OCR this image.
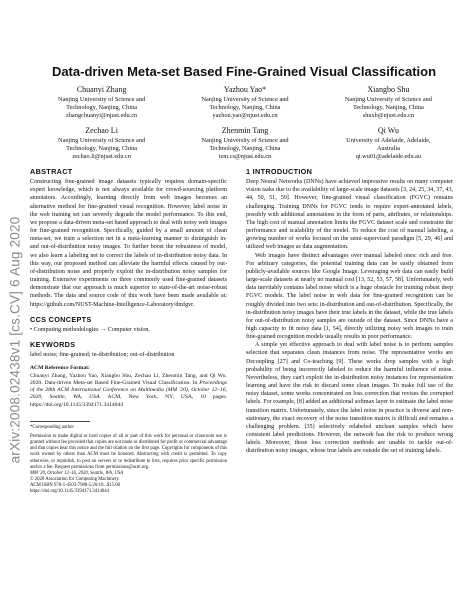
arXiv:2008.02438v1 [cs.CV] 6 Aug 2020
Data-driven Meta-set Based Fine-Grained Visual Classification
Chuanyi Zhang
Nanjing University of Science and
Technology, Nanjing, China
zhangchuanyi@njust.edu.cn
Yazhou Yao*
Nanjing University of Science and
Technology, Nanjing, China
yazhou.yao@njust.edu.cn
Xiangbo Shu
Nanjing University of Science and
Technology, Nanjing, China
shuxb@njust.edu.cn
Zechao Li
Nanjing University of Science and
Technology, Nanjing, China
zechao.li@njust.edu.cn
Zhenmin Tang
Nanjing University of Science and
Technology, Nanjing, China
tzm.cs@njust.edu.cn
Qi Wu
University of Adelaide, Adelaide,
Australia
qi.wu01@adelaide.edu.au
ABSTRACT

Constructing fine-grained image datasets typically requires domain-specific expert knowledge, which is not always available for crowd-sourcing platform annotators. Accordingly, learning directly from web images becomes an alternative method for fine-grained visual recognition. However, label noise in the web training set can severely degrade the model performance. To this end, we propose a data-driven meta-set based approach to deal with noisy web images for fine-grained recognition. Specifically, guided by a small amount of clean meta-set, we train a selection net in a meta-learning manner to distinguish in- and out-of-distribution noisy images. To further boost the robustness of model, we also learn a labeling net to correct the labels of in-distribution noisy data. In this way, our proposed method can alleviate the harmful effects caused by out-of-distribution noise and properly exploit the in-distribution noisy samples for training. Extensive experiments on three commonly used fine-grained datasets demonstrate that our approach is much superior to state-of-the-art noise-robust methods. The data and source code of this work have been made available at: https://github.com/NUST-Machine-Intelligence-Laboratory/dmfgvr.

CCS CONCEPTS

• Computing methodologies → Computer vision.

KEYWORDS

label noise; fine-grained; in-distribution; out-of-distribution

ACM Reference Format:
Chuanyi Zhang, Yazhou Yao, Xiangbo Shu, Zechao Li, Zhenmin Tang, and Qi Wu. 2020. Data-driven Meta-set Based Fine-Grained Visual Classification. In Proceedings of the 28th ACM International Conference on Multimedia (MM '20), October 12–16, 2020, Seattle, WA, USA. ACM, New York, NY, USA, 10 pages. https://doi.org/10.1145/3394171.3414044
*Corresponding author
Permission to make digital or hard copies of all or part of this work for personal or classroom use is granted without fee provided that copies are not made or distributed for profit or commercial advantage and that copies bear this notice and the full citation on the first page. Copyrights for components of this work owned by others than ACM must be honored. Abstracting with credit is permitted. To copy otherwise, or republish, to post on servers or to redistribute to lists, requires prior specific permission and/or a fee. Request permissions from permissions@acm.org.
MM '20, October 12–16, 2020, Seattle, WA, USA
© 2020 Association for Computing Machinery.
ACM ISBN 978-1-4503-7988-5/20/10...$15.00
https://doi.org/10.1145/3394171.3414044
1 INTRODUCTION

Deep Neural Networks (DNNs) have achieved impressive results on many computer vision tasks due to the availability of large-scale image datasets [3, 24, 25, 34, 37, 43, 44, 50, 51, 59]. However, fine-grained visual classification (FGVC) remains challenging. Training DNNs for FGVC tends to require expert-annotated labels, possibly with additional annotations in the form of parts, attributes, or relationships. The high cost of manual annotation limits the FGVC dataset scale and constrains the performance and scalability of the model. To reduce the cost of manual labeling, a growing number of works focused on the semi-supervised paradigm [5, 29, 46] and utilized web images as data augmentation.

Web images have distinct advantages over manual labeled ones: rich and free. For arbitrary categories, the potential training data can be easily obtained from publicly-available sources like Google Image. Leveraging web data can easily build large-scale datasets at nearly no manual cost [13, 52, 53, 57, 58]. Unfortunately, web data inevitably contains label noise which is a huge obstacle for training robust deep FGVC models. The label noise in web data for fine-grained recognition can be roughly divided into two sets: in-distribution and out-of-distribution. Specifically, the in-distribution noisy images have their true labels in the dataset, while the true labels for out-of-distribution noisy samples are outside of the dataset. Since DNNs have a high capacity to fit noisy data [1, 54], directly utilizing noisy web images to train fine-grained recognition models usually results in poor performance.

A simple yet effective approach to deal with label noise is to perform samples selection that separates clean instances from noise. The representative works are Decoupling [27] and Co-teaching [9]. These works drop samples with a high probability of being incorrectly labeled to reduce the harmful influence of noise. Nevertheless, they can't exploit the in-distribution noisy instances for representation learning and have the risk to discard some clean images. To make full use of the noisy dataset, some works concentrated on loss correction that revises the corrupted labels. For example, [8] added an additional softmax layer to estimate the label noise transition matrix. Unfortunately, since the label noise in practice is diverse and non-stationary, the exact recovery of the noise transition matrix is difficult and remains a challenging problem. [35] selectively relabeled unclean samples which have consistent label predictions. However, the network has the risk to produce wrong labels. Moreover, those loss correction methods are unable to tackle out-of-distribution noisy images, whose true labels are outside the set of training labels.
